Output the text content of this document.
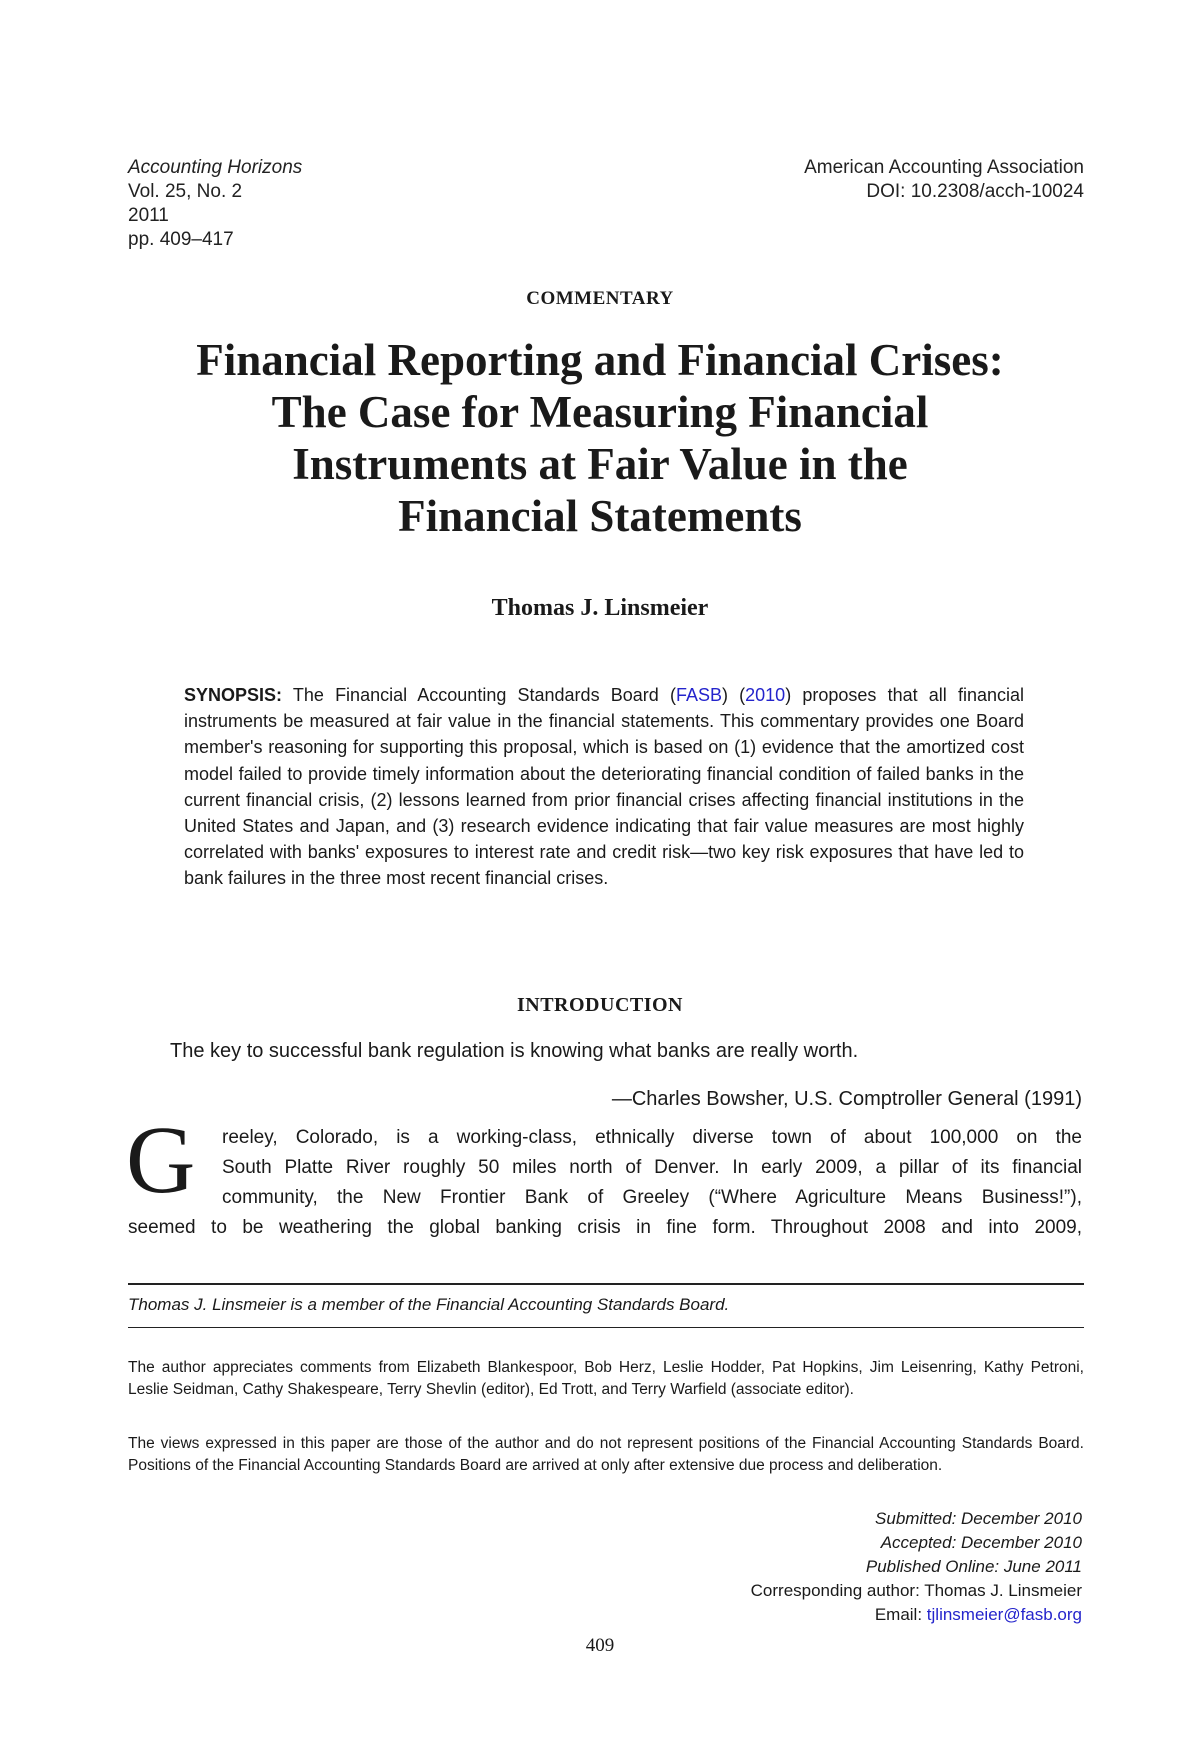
Accounting Horizons
Vol. 25, No. 2
2011
pp. 409–417
American Accounting Association
DOI: 10.2308/acch-10024
COMMENTARY
Financial Reporting and Financial Crises:
The Case for Measuring Financial
Instruments at Fair Value in the
Financial Statements
Thomas J. Linsmeier
SYNOPSIS: The Financial Accounting Standards Board (FASB) (2010) proposes that all financial instruments be measured at fair value in the financial statements. This commentary provides one Board member's reasoning for supporting this proposal, which is based on (1) evidence that the amortized cost model failed to provide timely information about the deteriorating financial condition of failed banks in the current financial crisis, (2) lessons learned from prior financial crises affecting financial institutions in the United States and Japan, and (3) research evidence indicating that fair value measures are most highly correlated with banks' exposures to interest rate and credit risk—two key risk exposures that have led to bank failures in the three most recent financial crises.
INTRODUCTION
The key to successful bank regulation is knowing what banks are really worth.
—Charles Bowsher, U.S. Comptroller General (1991)
G reeley, Colorado, is a working-class, ethnically diverse town of about 100,000 on the
South Platte River roughly 50 miles north of Denver. In early 2009, a pillar of its financial
community, the New Frontier Bank of Greeley (“Where Agriculture Means Business!”),
seemed to be weathering the global banking crisis in fine form. Throughout 2008 and into 2009,
Thomas J. Linsmeier is a member of the Financial Accounting Standards Board.
The author appreciates comments from Elizabeth Blankespoor, Bob Herz, Leslie Hodder, Pat Hopkins, Jim Leisenring, Kathy Petroni, Leslie Seidman, Cathy Shakespeare, Terry Shevlin (editor), Ed Trott, and Terry Warfield (associate editor).
The views expressed in this paper are those of the author and do not represent positions of the Financial Accounting Standards Board. Positions of the Financial Accounting Standards Board are arrived at only after extensive due process and deliberation.
Submitted: December 2010
Accepted: December 2010
Published Online: June 2011
Corresponding author: Thomas J. Linsmeier
Email: tjlinsmeier@fasb.org
409
